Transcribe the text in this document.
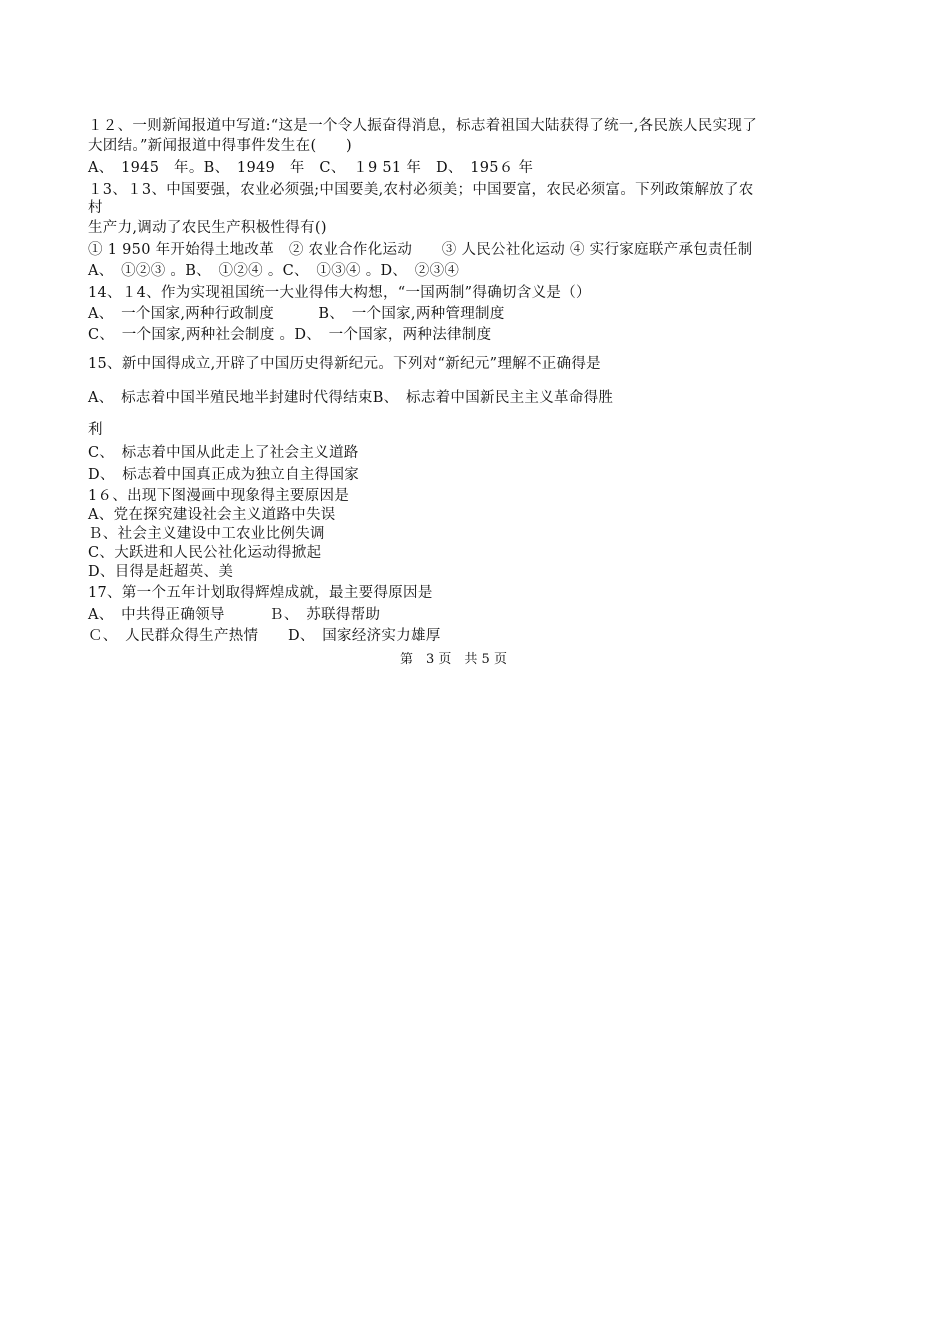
１２、一则新闻报道中写道:“这是一个令人振奋得消息，标志着祖国大陆获得了统一,各民族人民实现了
大团结。”新闻报道中得事件发生在(　　)
A、　1945　年。B、　1949　年　C、　１9 51 年　D、　195６ 年
１3、１3、中国要强，农业必须强;中国要美,农村必须美；中国要富，农民必须富。下列政策解放了农
村
生产力,调动了农民生产积极性得有()
① 1 950 年开始得土地改革　② 农业合作化运动　　③ 人民公社化运动 ④ 实行家庭联产承包责任制
A、　①②③ 。B、　①②④ 。C、　①③④ 。D、　②③④
14、１4、作为实现祖国统一大业得伟大构想，“一国两制”得确切含义是（）
A、　一个国家,两种行政制度　　　B、　一个国家,两种管理制度
C、　一个国家,两种社会制度 。D、　一个国家，两种法律制度
15、新中国得成立,开辟了中国历史得新纪元。下列对“新纪元”理解不正确得是
A、　标志着中国半殖民地半封建时代得结束B、　标志着中国新民主主义革命得胜
利
C、　标志着中国从此走上了社会主义道路
D、　标志着中国真正成为独立自主得国家
1６、出现下图漫画中现象得主要原因是
A、党在探究建设社会主义道路中失误
Ｂ、社会主义建设中工农业比例失调
C、大跃进和人民公社化运动得掀起
D、目得是赶超英、美
17、第一个五年计划取得辉煌成就，最主要得原因是
A、　中共得正确领导　　　Ｂ、　苏联得帮助
Ｃ、　人民群众得生产热情　　D、　国家经济实力雄厚
第　3 页　共 5 页
